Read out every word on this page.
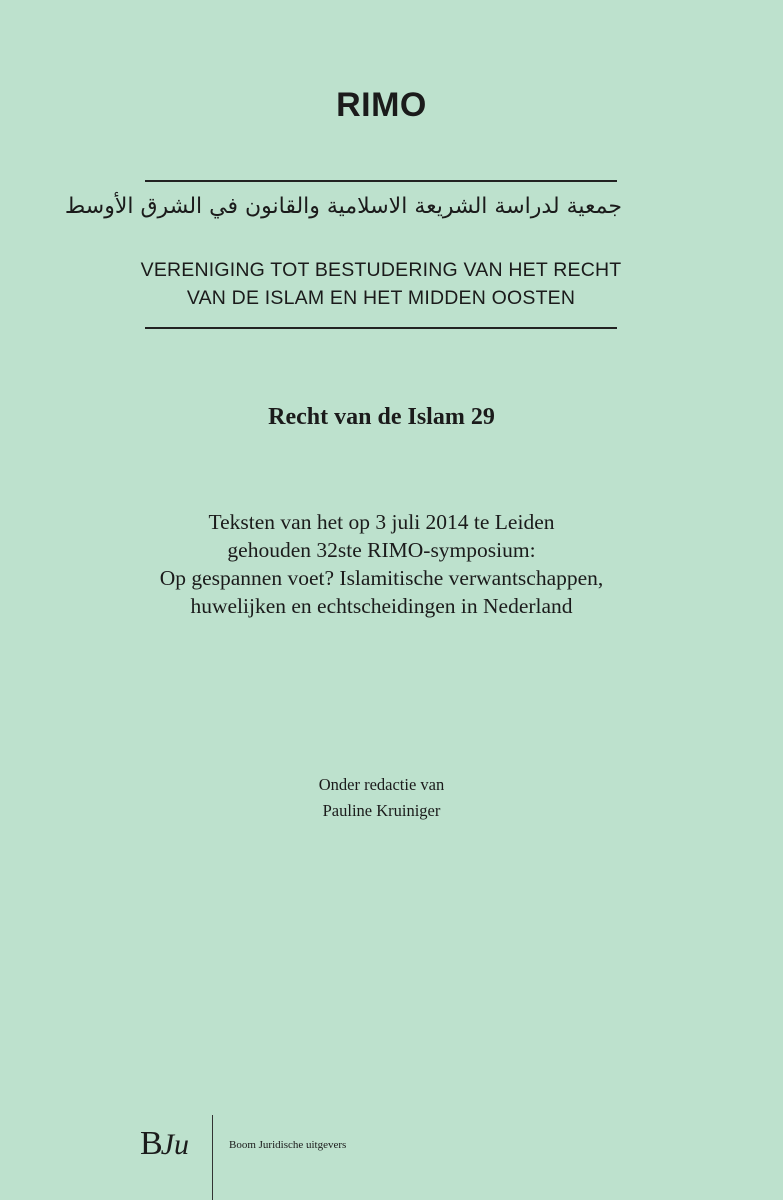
RIMO
جمعية لدراسة الشريعة الاسلامية والقانون في الشرق الأوسط
VERENIGING TOT BESTUDERING VAN HET RECHT
VAN DE ISLAM EN HET MIDDEN OOSTEN
Recht van de Islam 29
Teksten van het op 3 juli 2014 te Leiden
gehouden 32ste RIMO-symposium:
Op gespannen voet? Islamitische verwantschappen,
huwelijken en echtscheidingen in Nederland
Onder redactie van
Pauline Kruiniger
BJu	Boom Juridische uitgevers
